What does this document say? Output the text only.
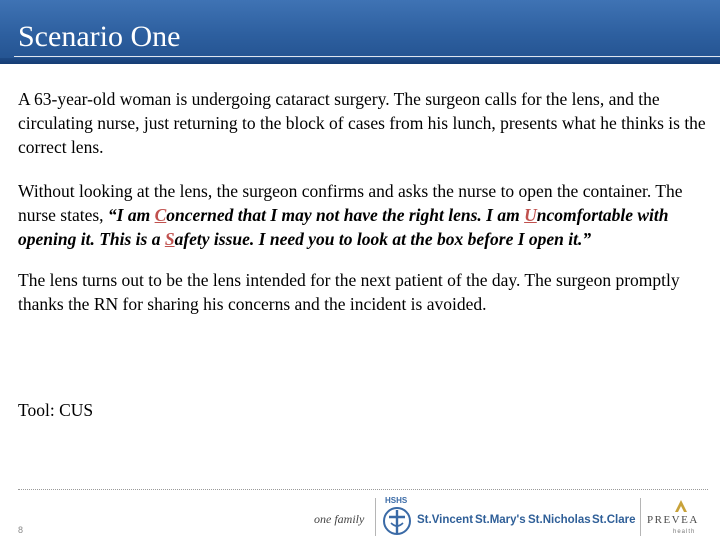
Scenario One

A 63-year-old woman is undergoing cataract surgery. The surgeon calls for the lens, and the circulating nurse, just returning to the block of cases from his lunch, presents what he thinks is the correct lens.

Without looking at the lens, the surgeon confirms and asks the nurse to open the container. The nurse states, “I am Concerned that I may not have the right lens. I am Uncomfortable with opening it. This is a Safety issue. I need you to look at the box before I open it.”

The lens turns out to be the lens intended for the next patient of the day. The surgeon promptly thanks the RN for sharing his concerns and the incident is avoided.

Tool: CUS
8
one family
HSHS
St.Vincent St.Mary's St.Nicholas St.Clare PREVEA
health
